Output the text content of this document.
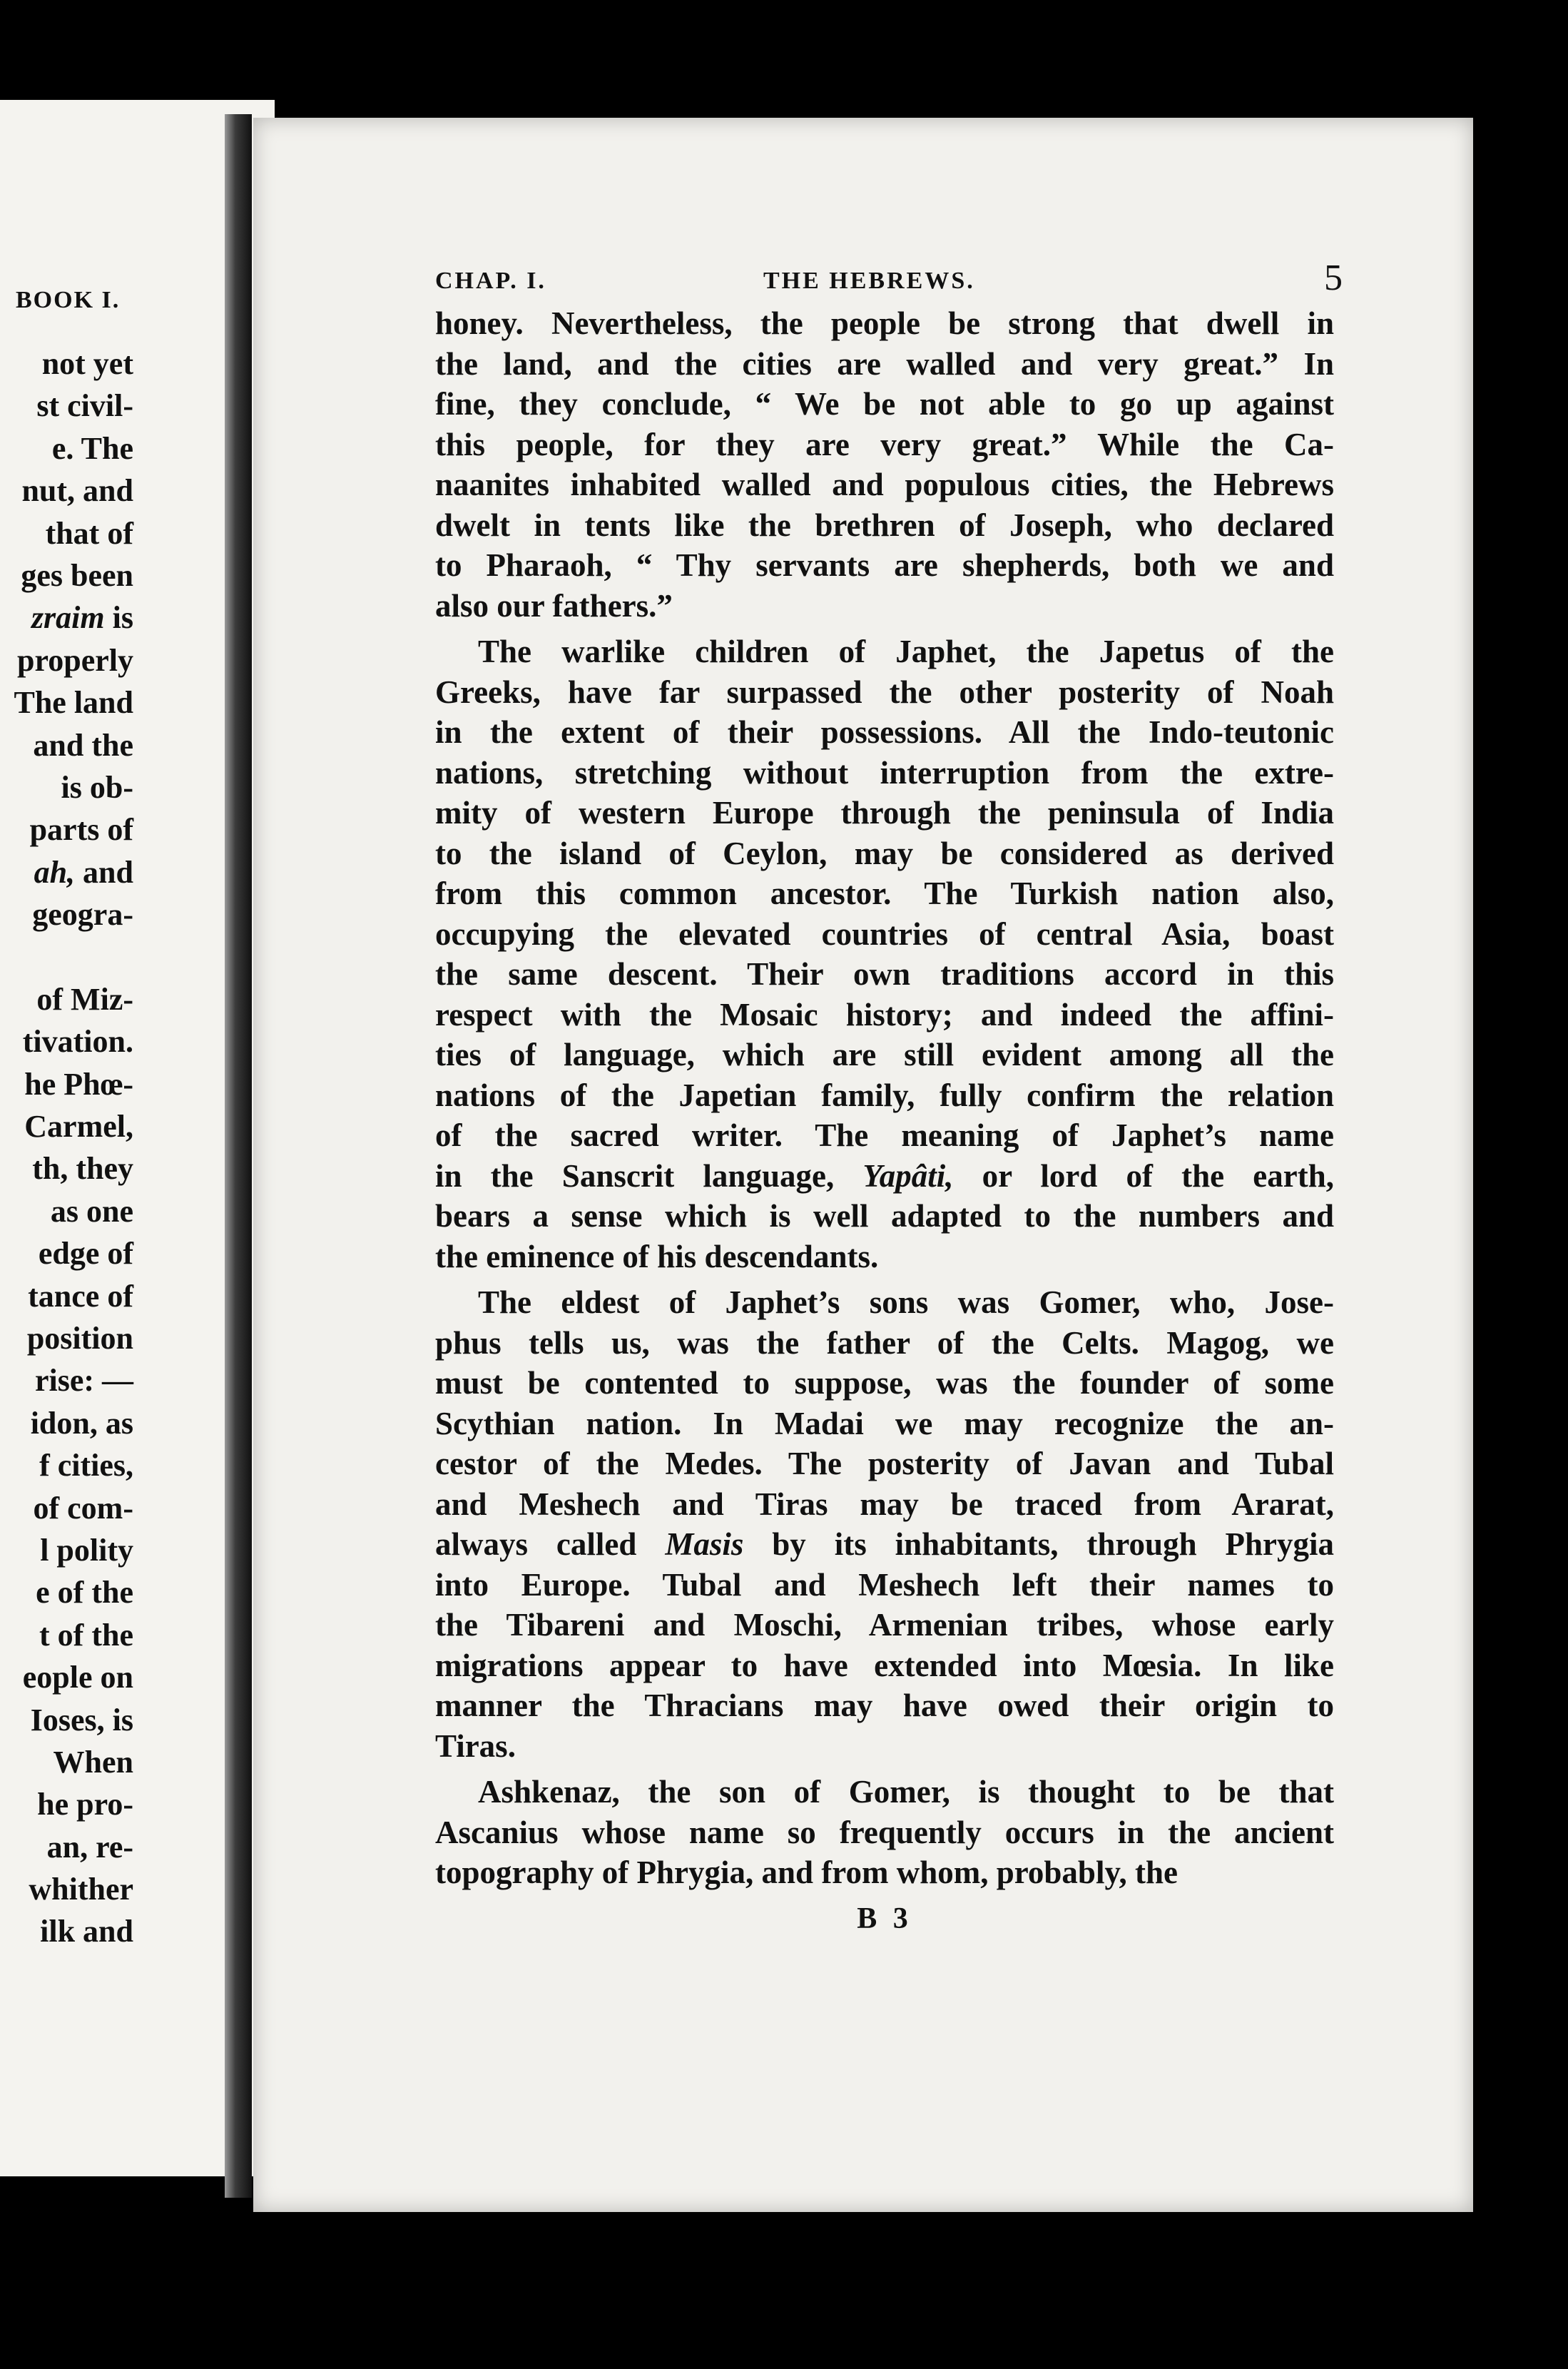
BOOK I.
not yet
st civil-
e. The
nut, and
that of
ges been
zraim is
properly
The land
and the
is ob-
parts of
ah, and
geogra-
of Miz-
tivation.
he Phœ-
Carmel,
th, they
as one
edge of
tance of
position
rise: —
idon, as
f cities,
of com-
l polity
e of the
t of the
eople on
Ioses, is
When
he pro-
an, re-
whither
ilk and
CHAP. I.	THE HEBREWS.	5

honey. Nevertheless, the people be strong that dwell in
the land, and the cities are walled and very great.” In
fine, they conclude, “ We be not able to go up against
this people, for they are very great.” While the Ca-
naanites inhabited walled and populous cities, the Hebrews
dwelt in tents like the brethren of Joseph, who declared
to Pharaoh, “ Thy servants are shepherds, both we and
also our fathers.”

The warlike children of Japhet, the Japetus of the
Greeks, have far surpassed the other posterity of Noah
in the extent of their possessions. All the Indo-teutonic
nations, stretching without interruption from the extre-
mity of western Europe through the peninsula of India
to the island of Ceylon, may be considered as derived
from this common ancestor. The Turkish nation also,
occupying the elevated countries of central Asia, boast
the same descent. Their own traditions accord in this
respect with the Mosaic history; and indeed the affini-
ties of language, which are still evident among all the
nations of the Japetian family, fully confirm the relation
of the sacred writer. The meaning of Japhet’s name
in the Sanscrit language, Yapâti, or lord of the earth,
bears a sense which is well adapted to the numbers and
the eminence of his descendants.

The eldest of Japhet’s sons was Gomer, who, Jose-
phus tells us, was the father of the Celts. Magog, we
must be contented to suppose, was the founder of some
Scythian nation. In Madai we may recognize the an-
cestor of the Medes. The posterity of Javan and Tubal
and Meshech and Tiras may be traced from Ararat,
always called Masis by its inhabitants, through Phrygia
into Europe. Tubal and Meshech left their names to
the Tibareni and Moschi, Armenian tribes, whose early
migrations appear to have extended into Mœsia. In like
manner the Thracians may have owed their origin to
Tiras.

Ashkenaz, the son of Gomer, is thought to be that
Ascanius whose name so frequently occurs in the ancient
topography of Phrygia, and from whom, probably, the

B 3
